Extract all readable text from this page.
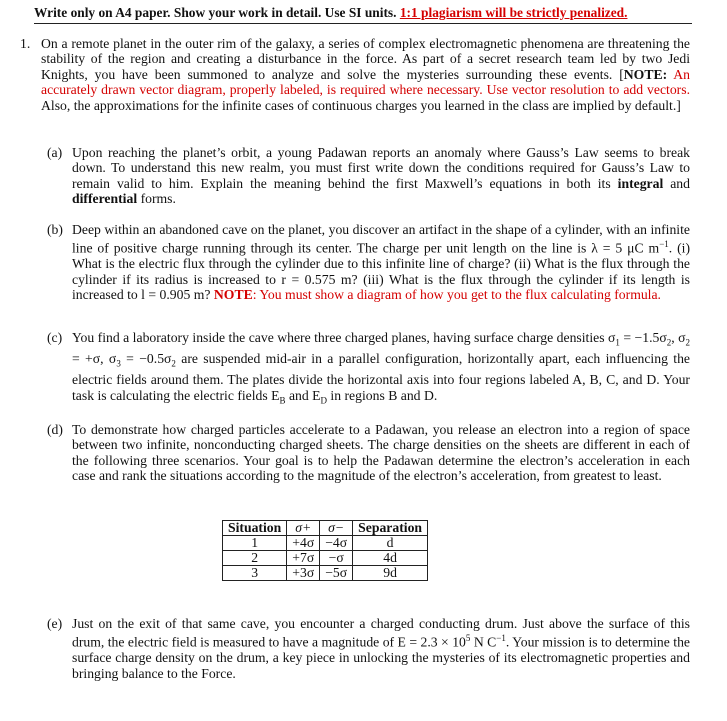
Write only on A4 paper. Show your work in detail. Use SI units. 1:1 plagiarism will be strictly penalized.
1. On a remote planet in the outer rim of the galaxy, a series of complex electromagnetic phenomena are threatening the stability of the region and creating a disturbance in the force. As part of a secret research team led by two Jedi Knights, you have been summoned to analyze and solve the mysteries surrounding these events. [NOTE: An accurately drawn vector diagram, properly labeled, is required where necessary. Use vector resolution to add vectors. Also, the approximations for the infinite cases of continuous charges you learned in the class are implied by default.]
(a) Upon reaching the planet’s orbit, a young Padawan reports an anomaly where Gauss’s Law seems to break down. To understand this new realm, you must first write down the conditions required for Gauss’s Law to remain valid to him. Explain the meaning behind the first Maxwell’s equations in both its integral and differential forms.
(b) Deep within an abandoned cave on the planet, you discover an artifact in the shape of a cylinder, with an infinite line of positive charge running through its center. The charge per unit length on the line is λ = 5 μC $m^{-1}$. (i) What is the electric flux through the cylinder due to this infinite line of charge? (ii) What is the flux through the cylinder if its radius is increased to r = 0.575 m? (iii) What is the flux through the cylinder if its length is increased to l = 0.905 m? NOTE: You must show a diagram of how you get to the flux calculating formula.
(c) You find a laboratory inside the cave where three charged planes, having surface charge densities $\sigma_1 = -1.5\sigma_2$, $\sigma_2 = +\sigma$, $\sigma_3 = -0.5\sigma_2$ are suspended mid-air in a parallel configuration, horizontally apart, each influencing the electric fields around them. The plates divide the horizontal axis into four regions labeled A, B, C, and D. Your task is calculating the electric fields $E_B$ and $E_D$ in regions B and D.
(d) To demonstrate how charged particles accelerate to a Padawan, you release an electron into a region of space between two infinite, nonconducting charged sheets. The charge densities on the sheets are different in each of the following three scenarios. Your goal is to help the Padawan determine the electron’s acceleration in each case and rank the situations according to the magnitude of the electron’s acceleration, from greatest to least.
Situation	σ+	σ−	Separation
1	+4σ	−4σ	d
2	+7σ	−σ	4d
3	+3σ	−5σ	9d
(e) Just on the exit of that same cave, you encounter a charged conducting drum. Just above the surface of this drum, the electric field is measured to have a magnitude of $E = 2.3 \times 10^5$ N $C^{-1}$. Your mission is to determine the surface charge density on the drum, a key piece in unlocking the mysteries of its electromagnetic properties and bringing balance to the Force.
